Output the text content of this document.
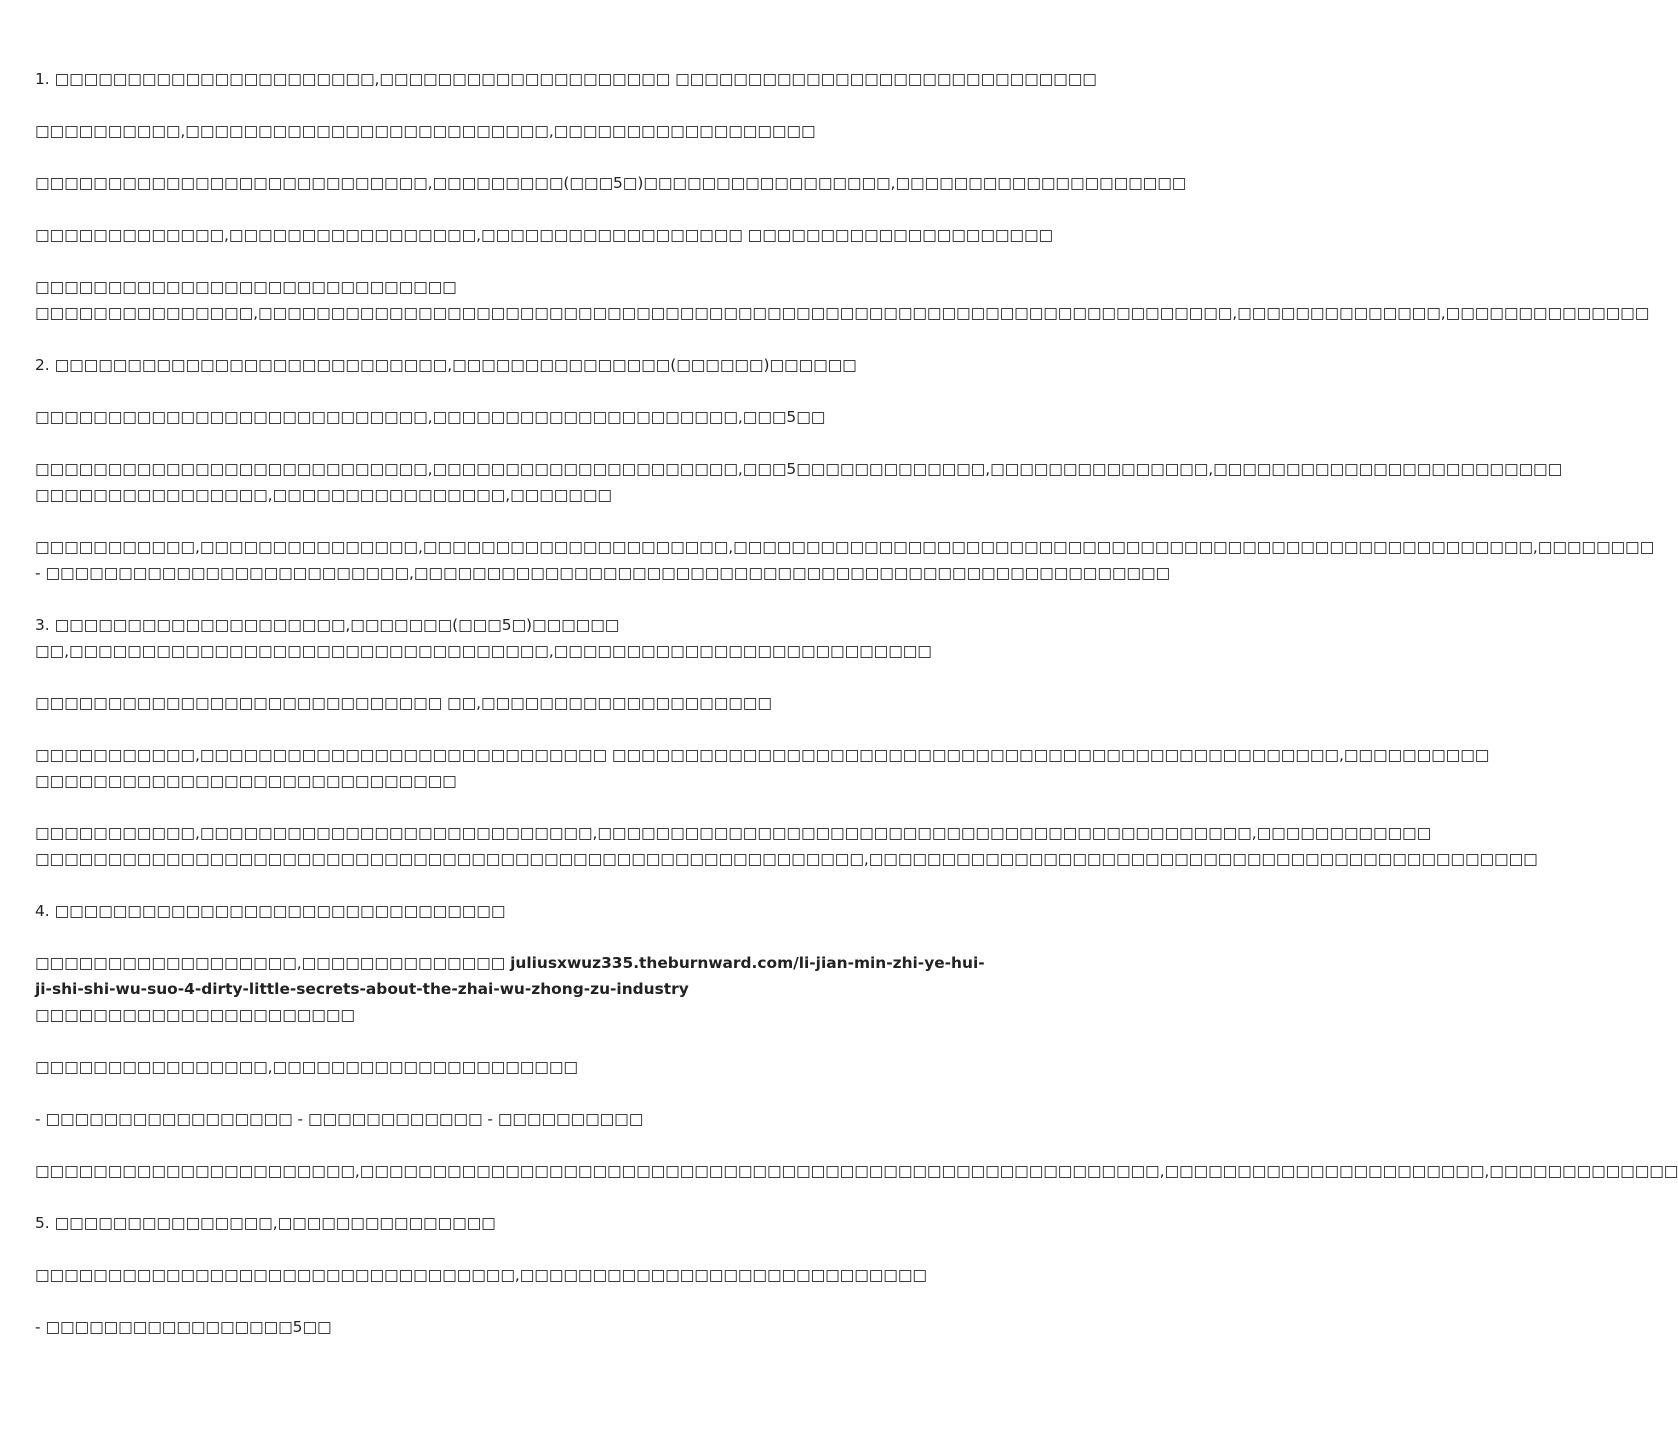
1. □□□□□□□□□□□□□□□□□□□□□□,□□□□□□□□□□□□□□□□□□□□ □□□□□□□□□□□□□□□□□□□□□□□□□□□□□

□□□□□□□□□□,□□□□□□□□□□□□□□□□□□□□□□□□□,□□□□□□□□□□□□□□□□□□

□□□□□□□□□□□□□□□□□□□□□□□□□□□,□□□□□□□□□(□□□5□)□□□□□□□□□□□□□□□□□,□□□□□□□□□□□□□□□□□□□□

□□□□□□□□□□□□□,□□□□□□□□□□□□□□□□□,□□□□□□□□□□□□□□□□□□ □□□□□□□□□□□□□□□□□□□□□

□□□□□□□□□□□□□□□□□□□□□□□□□□□□□
□□□□□□□□□□□□□□□,□□□□□□□□□□□□□□□□□□□□□□□□□□□□□□□□□□□□□□□□□□□□□□□□□□□□□□□□□□□□□□□□□□□,□□□□□□□□□□□□□□,□□□□□□□□□□□□□□

2. □□□□□□□□□□□□□□□□□□□□□□□□□□□,□□□□□□□□□□□□□□□(□□□□□□)□□□□□□

□□□□□□□□□□□□□□□□□□□□□□□□□□□,□□□□□□□□□□□□□□□□□□□□□,□□□5□□

□□□□□□□□□□□□□□□□□□□□□□□□□□□,□□□□□□□□□□□□□□□□□□□□□,□□□5□□□□□□□□□□□□□,□□□□□□□□□□□□□□□,□□□□□□□□□□□□□□□□□□□□□□□□
□□□□□□□□□□□□□□□□,□□□□□□□□□□□□□□□□,□□□□□□□

□□□□□□□□□□□,□□□□□□□□□□□□□□□,□□□□□□□□□□□□□□□□□□□□□,□□□□□□□□□□□□□□□□□□□□□□□□□□□□□□□□□□□□□□□□□□□□□□□□□□□□□□□,□□□□□□□□
- □□□□□□□□□□□□□□□□□□□□□□□□□,□□□□□□□□□□□□□□□□□□□□□□□□□□□□□□□□□□□□□□□□□□□□□□□□□□□□

3. □□□□□□□□□□□□□□□□□□□□,□□□□□□□(□□□5□)□□□□□□
□□,□□□□□□□□□□□□□□□□□□□□□□□□□□□□□□□□□,□□□□□□□□□□□□□□□□□□□□□□□□□□

□□□□□□□□□□□□□□□□□□□□□□□□□□□□ □□,□□□□□□□□□□□□□□□□□□□□

□□□□□□□□□□□,□□□□□□□□□□□□□□□□□□□□□□□□□□□□ □□□□□□□□□□□□□□□□□□□□□□□□□□□□□□□□□□□□□□□□□□□□□□□□□□,□□□□□□□□□□
□□□□□□□□□□□□□□□□□□□□□□□□□□□□□

□□□□□□□□□□□,□□□□□□□□□□□□□□□□□□□□□□□□□□□,□□□□□□□□□□□□□□□□□□□□□□□□□□□□□□□□□□□□□□□□□□□□□,□□□□□□□□□□□□
□□□□□□□□□□□□□□□□□□□□□□□□□□□□□□□□□□□□□□□□□□□□□□□□□□□□□□□□□,□□□□□□□□□□□□□□□□□□□□□□□□□□□□□□□□□□□□□□□□□□□□□□

4. □□□□□□□□□□□□□□□□□□□□□□□□□□□□□□□

□□□□□□□□□□□□□□□□□□,□□□□□□□□□□□□□□ juliusxwuz335.theburnward.com/li-jian-min-zhi-ye-hui-ji-shi-shi-wu-suo-4-dirty-little-secrets-about-the-zhai-wu-zhong-zu-industry □□□□□□□□□□□□□□□□□□□□□□

□□□□□□□□□□□□□□□□,□□□□□□□□□□□□□□□□□□□□□

- □□□□□□□□□□□□□□□□□ - □□□□□□□□□□□□ - □□□□□□□□□□

□□□□□□□□□□□□□□□□□□□□□□,□□□□□□□□□□□□□□□□□□□□□□□□□□□□□□□□□□□□□□□□□□□□□□□□□□□□□□□,□□□□□□□□□□□□□□□□□□□□□□,□□□□□□□□□□□□□

5. □□□□□□□□□□□□□□□,□□□□□□□□□□□□□□□

□□□□□□□□□□□□□□□□□□□□□□□□□□□□□□□□□,□□□□□□□□□□□□□□□□□□□□□□□□□□□□

- □□□□□□□□□□□□□□□□□5□□
